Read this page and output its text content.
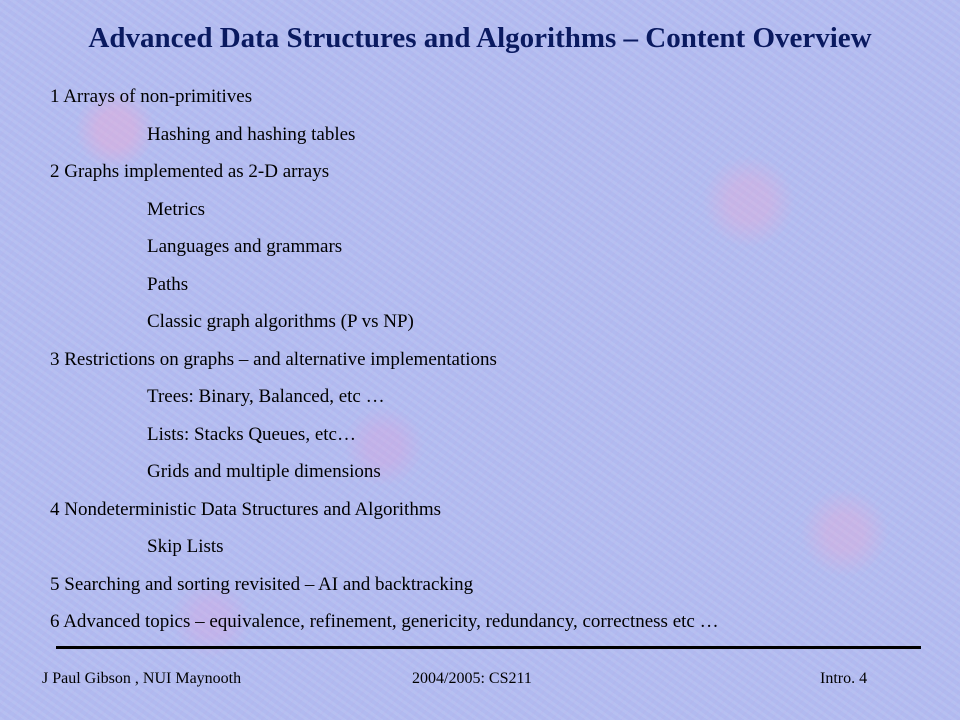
Advanced Data Structures and Algorithms – Content Overview
1 Arrays of non-primitives
Hashing and hashing tables
2 Graphs implemented as 2-D arrays
Metrics
Languages and grammars
Paths
Classic graph algorithms (P vs NP)
3 Restrictions on graphs – and alternative implementations
Trees: Binary, Balanced, etc …
Lists: Stacks Queues, etc…
Grids and multiple dimensions
4 Nondeterministic Data Structures and Algorithms
Skip Lists
5 Searching and sorting revisited – AI and backtracking
6 Advanced topics – equivalence, refinement, genericity, redundancy, correctness etc …
J Paul Gibson , NUI Maynooth	2004/2005: CS211	Intro. 4
